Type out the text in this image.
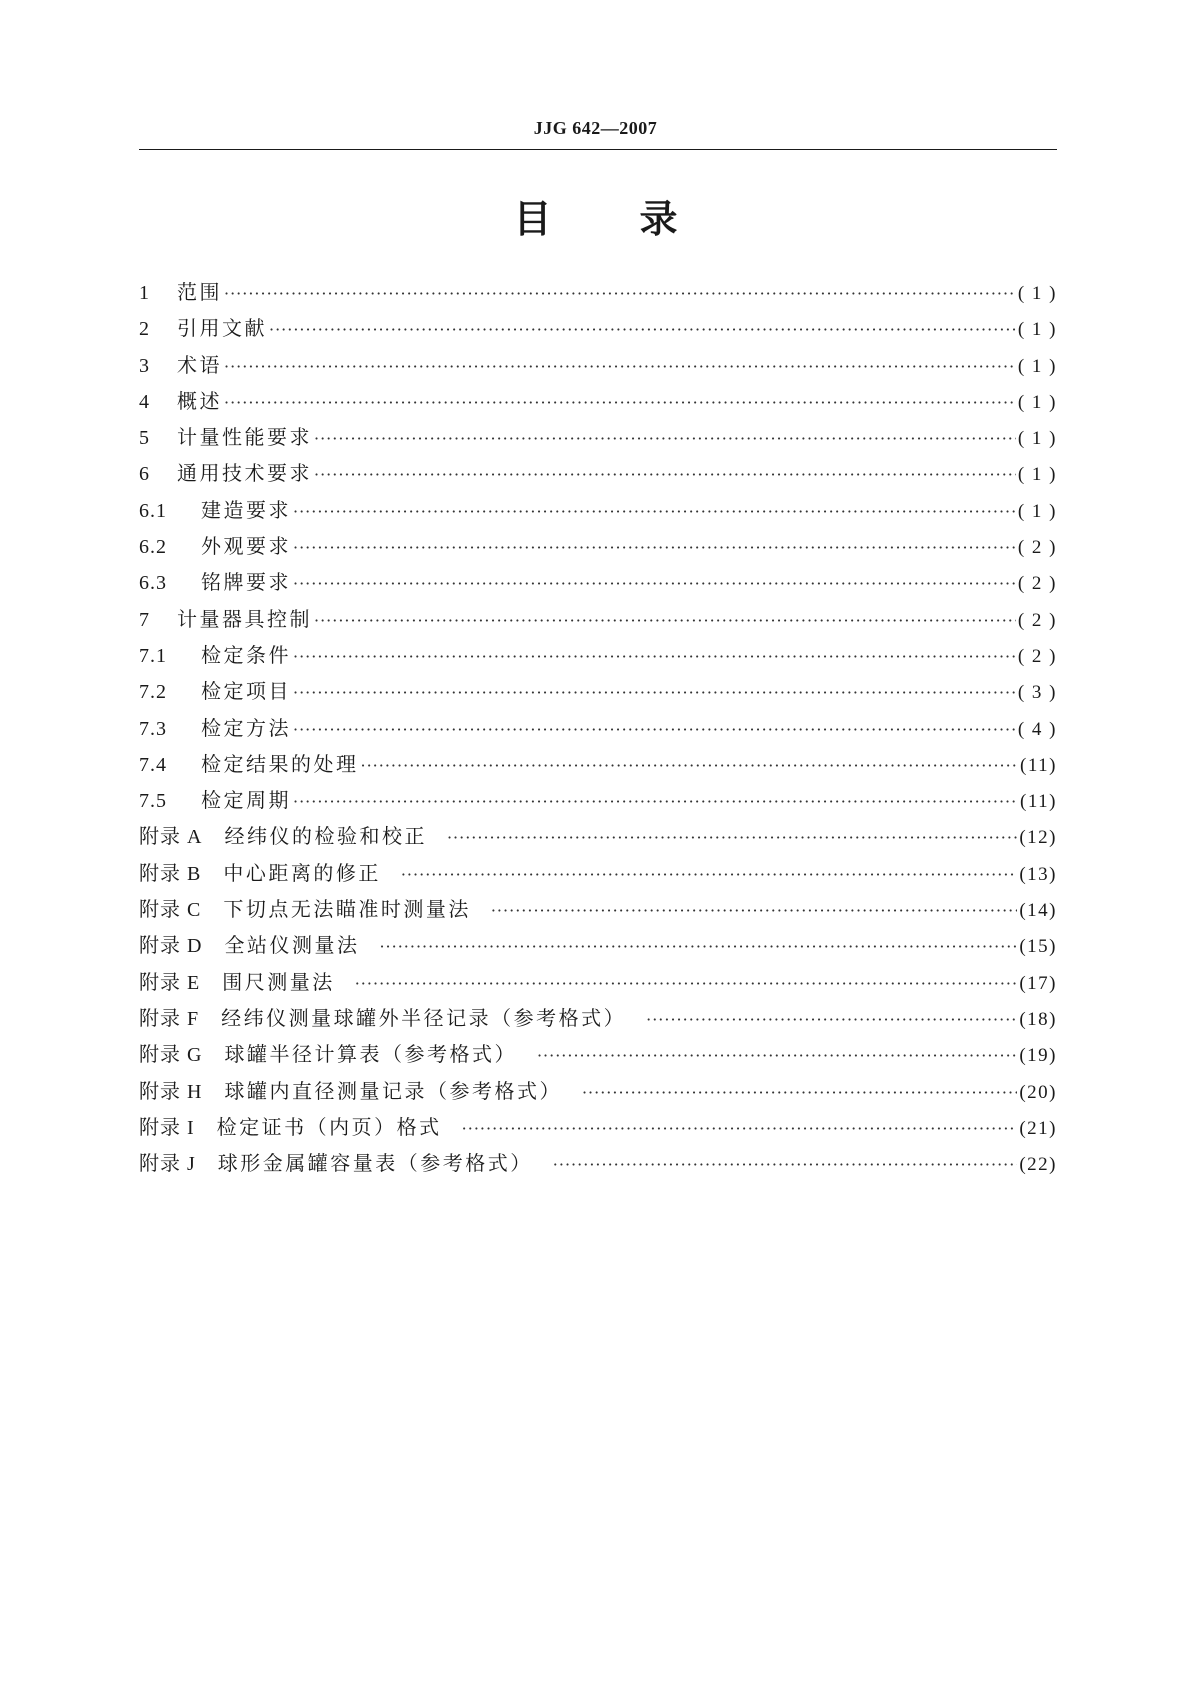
JJG 642—2007
目 录
1	范围 ·····	( 1 )
2	引用文献 ·····	( 1 )
3	术语 ·····	( 1 )
4	概述 ·····	( 1 )
5	计量性能要求 ·····	( 1 )
6	通用技术要求 ·····	( 1 )
6.1	建造要求 ·····	( 1 )
6.2	外观要求 ·····	( 2 )
6.3	铭牌要求 ·····	( 2 )
7	计量器具控制 ·····	( 2 )
7.1	检定条件 ·····	( 2 )
7.2	检定项目 ·····	( 3 )
7.3	检定方法 ·····	( 4 )
7.4	检定结果的处理 ·····	(11)
7.5	检定周期 ·····	(11)
附录 A 经纬仪的检验和校正 ·····	(12)
附录 B 中心距离的修正 ·····	(13)
附录 C 下切点无法瞄准时测量法 ·····	(14)
附录 D 全站仪测量法 ·····	(15)
附录 E 围尺测量法 ·····	(17)
附录 F 经纬仪测量球罐外半径记录（参考格式） ·····	(18)
附录 G 球罐半径计算表（参考格式） ·····	(19)
附录 H 球罐内直径测量记录（参考格式） ·····	(20)
附录 I 检定证书（内页）格式 ·····	(21)
附录 J 球形金属罐容量表（参考格式） ·····	(22)
